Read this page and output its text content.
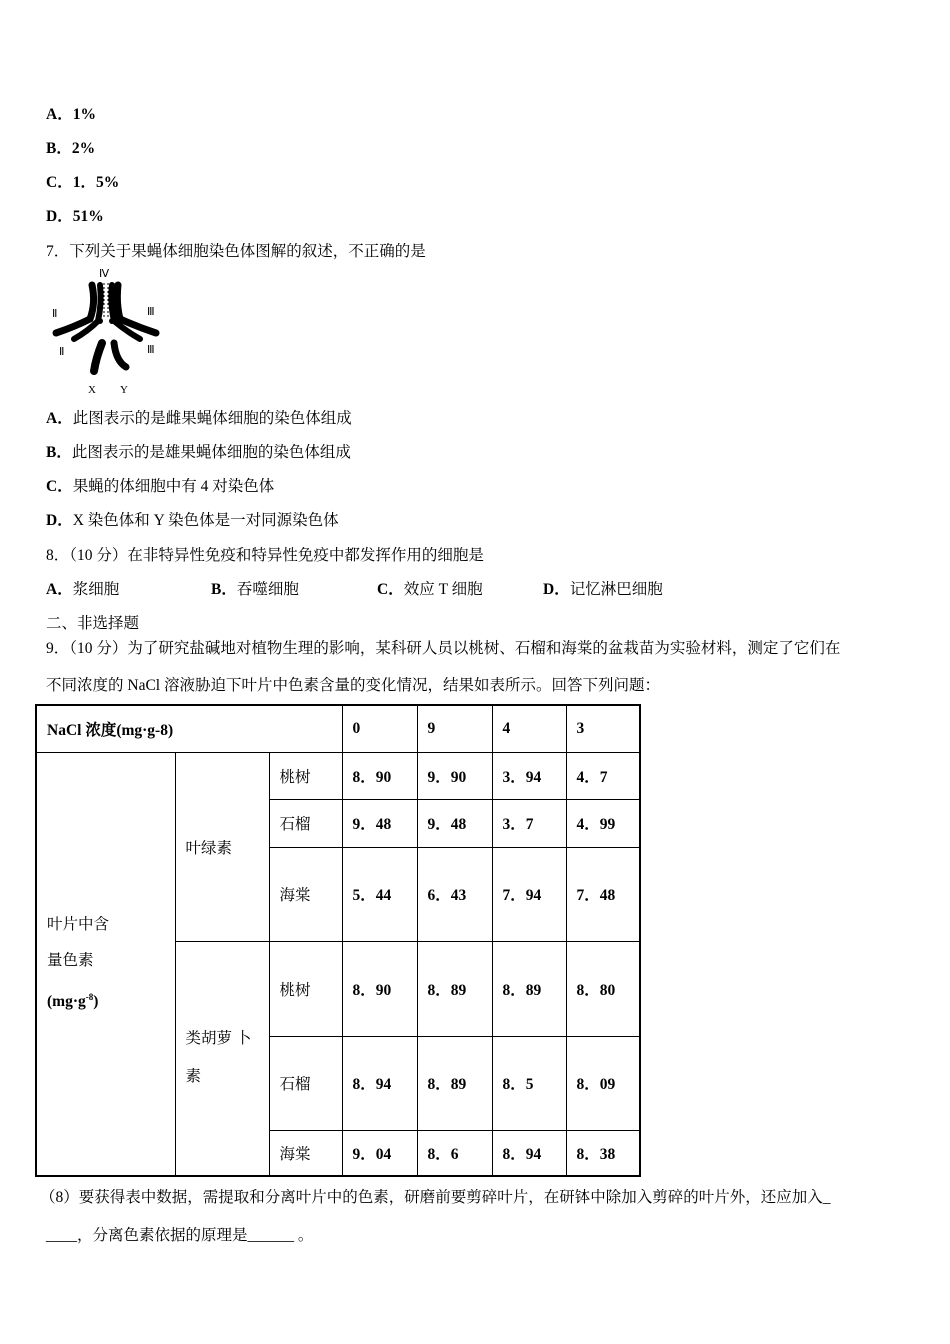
A．1%
B．2%
C．1．5%
D．51%
7．下列关于果蝇体细胞染色体图解的叙述，不正确的是
Ⅳ
Ⅱ	Ⅲ
Ⅱ	Ⅲ
X Y
A．此图表示的是雌果蝇体细胞的染色体组成
B．此图表示的是雄果蝇体细胞的染色体组成
C．果蝇的体细胞中有 4 对染色体
D．X 染色体和 Y 染色体是一对同源染色体
8．（10 分）在非特异性免疫和特异性免疫中都发挥作用的细胞是
A．浆细胞	B．吞噬细胞	C．效应 T 细胞	D．记忆淋巴细胞
二、非选择题
9．（10 分）为了研究盐碱地对植物生理的影响，某科研人员以桃树、石榴和海棠的盆栽苗为实验材料，测定了它们在
不同浓度的 NaCl 溶液胁迫下叶片中色素含量的变化情况，结果如表所示。回答下列问题：
NaCl 浓度(mg·g-8)			0	9	4	3

叶片中含
量色素
$(mg\cdot g^{-8})$	叶绿素	桃树	8．90	9．90	3．94	4．7
		石榴	9．48	9．48	3．7	4．99
		海棠	5．44	6．43	7．94	7．48

	类胡萝 卜
素	桃树	8．90	8．89	8．89	8．80
		石榴	8．94	8．89	8．5	8．09
		海棠	9．04	8．6	8．94	8．38
（8）要获得表中数据，需提取和分离叶片中的色素，研磨前要剪碎叶片，在研钵中除加入剪碎的叶片外，还应加入_
____，分离色素依据的原理是______ 。
